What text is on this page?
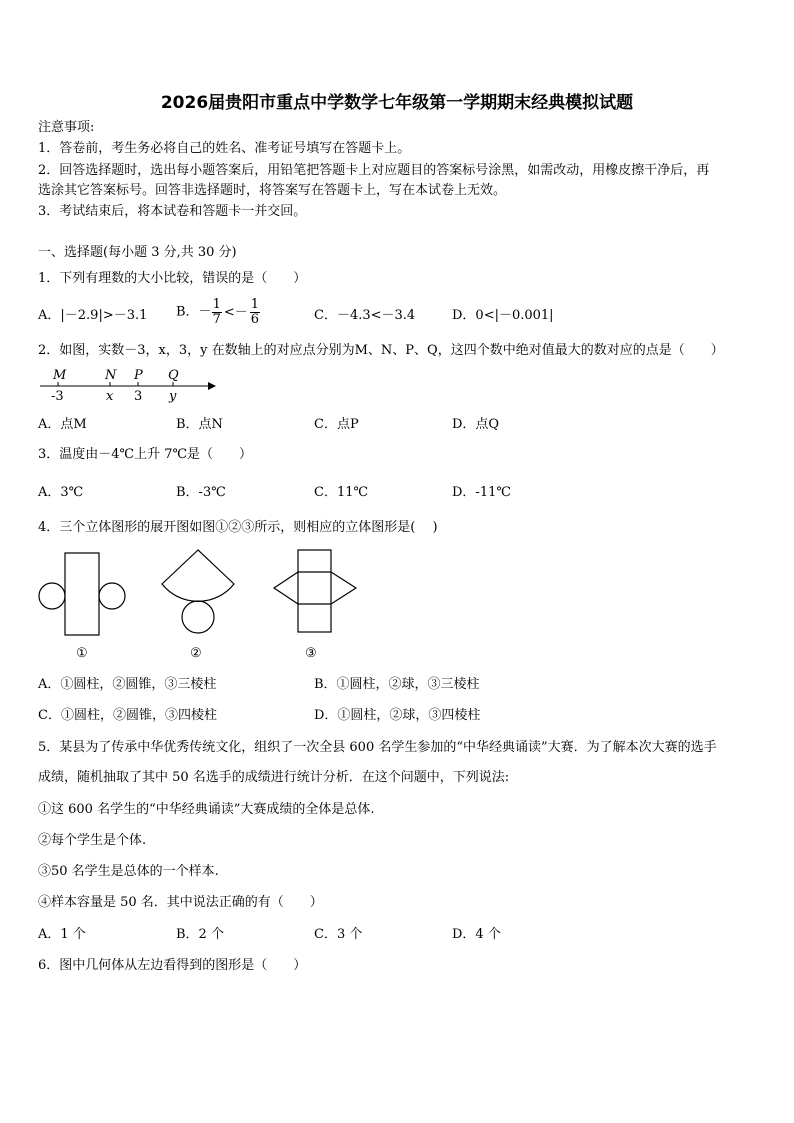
2026届贵阳市重点中学数学七年级第一学期期末经典模拟试题
注意事项:
1．答卷前，考生务必将自己的姓名、准考证号填写在答题卡上。
2．回答选择题时，选出每小题答案后，用铅笔把答题卡上对应题目的答案标号涂黑，如需改动，用橡皮擦干净后，再
选涂其它答案标号。回答非选择题时，将答案写在答题卡上，写在本试卷上无效。
3．考试结束后，将本试卷和答题卡一并交回。
一、选择题(每小题 3 分,共 30 分)
1．下列有理数的大小比较，错误的是（　　）
A．|－2.9|>－3.1 B．－ $\frac{1}{7} <- \frac{1}{6}$	C．－4.3<－3.4	D．0<|－0.001|
2．如图，实数－3，x，3，y 在数轴上的对应点分别为M、N、P、Q，这四个数中绝对值最大的数对应的点是（　　）
M	N P Q
-3	x 3 y
A．点M	B．点N	C．点P	D．点Q
3．温度由－4℃上升 7℃是（　　）
A．3℃	B．-3℃	C．11℃	D．-11℃
4．三个立体图形的展开图如图①②③所示，则相应的立体图形是(　 )
①	②	③
A．①圆柱，②圆锥，③三棱柱	B．①圆柱，②球，③三棱柱
C．①圆柱，②圆锥，③四棱柱	D．①圆柱，②球，③四棱柱
5．某县为了传承中华优秀传统文化，组织了一次全县 600 名学生参加的“中华经典诵读”大赛．为了解本次大赛的选手
成绩，随机抽取了其中 50 名选手的成绩进行统计分析．在这个问题中，下列说法:
①这 600 名学生的“中华经典诵读”大赛成绩的全体是总体.
②每个学生是个体.
③50 名学生是总体的一个样本.
④样本容量是 50 名．其中说法正确的有（　　）
A．1 个	B．2 个	C．3 个	D．4 个
6．图中几何体从左边看得到的图形是（　　）
